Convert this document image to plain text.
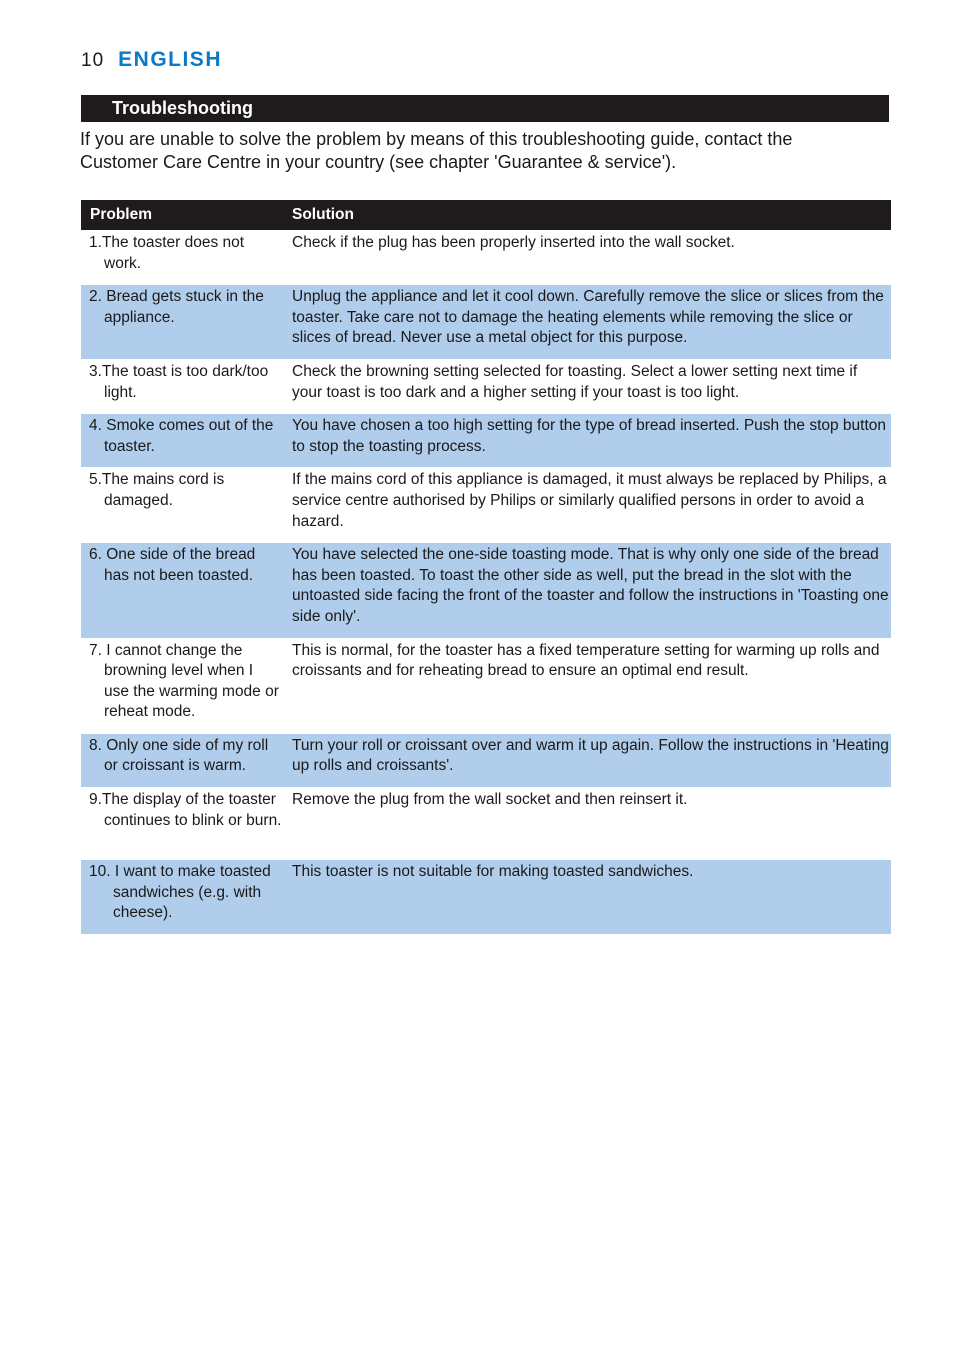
10 ENGLISH
Troubleshooting

If you are unable to solve the problem by means of this troubleshooting guide, contact the Customer Care Centre in your country (see chapter 'Guarantee & service').

Problem	Solution

1.The toaster does not work.	Check if the plug has been properly inserted into the wall socket.

2. Bread gets stuck in the appliance.	Unplug the appliance and let it cool down. Carefully remove the slice or slices from the toaster. Take care not to damage the heating elements while removing the slice or slices of bread. Never use a metal object for this purpose.

3.The toast is too dark/too light.	Check the browning setting selected for toasting. Select a lower setting next time if your toast is too dark and a higher setting if your toast is too light.

4. Smoke comes out of the toaster.	You have chosen a too high setting for the type of bread inserted. Push the stop button to stop the toasting process.

5.The mains cord is damaged.	If the mains cord of this appliance is damaged, it must always be replaced by Philips, a service centre authorised by Philips or similarly qualified persons in order to avoid a hazard.

6. One side of the bread has not been toasted.	You have selected the one-side toasting mode. That is why only one side of the bread has been toasted. To toast the other side as well, put the bread in the slot with the untoasted side facing the front of the toaster and follow the instructions in 'Toasting one side only'.

7. I cannot change the browning level when I use the warming mode or reheat mode.	This is normal, for the toaster has a fixed temperature setting for warming up rolls and croissants and for reheating bread to ensure an optimal end result.

8. Only one side of my roll or croissant is warm.	Turn your roll or croissant over and warm it up again. Follow the instructions in 'Heating up rolls and croissants'.

9.The display of the toaster continues to blink or burn.	Remove the plug from the wall socket and then reinsert it.

10. I want to make toasted sandwiches (e.g. with cheese).	This toaster is not suitable for making toasted sandwiches.
